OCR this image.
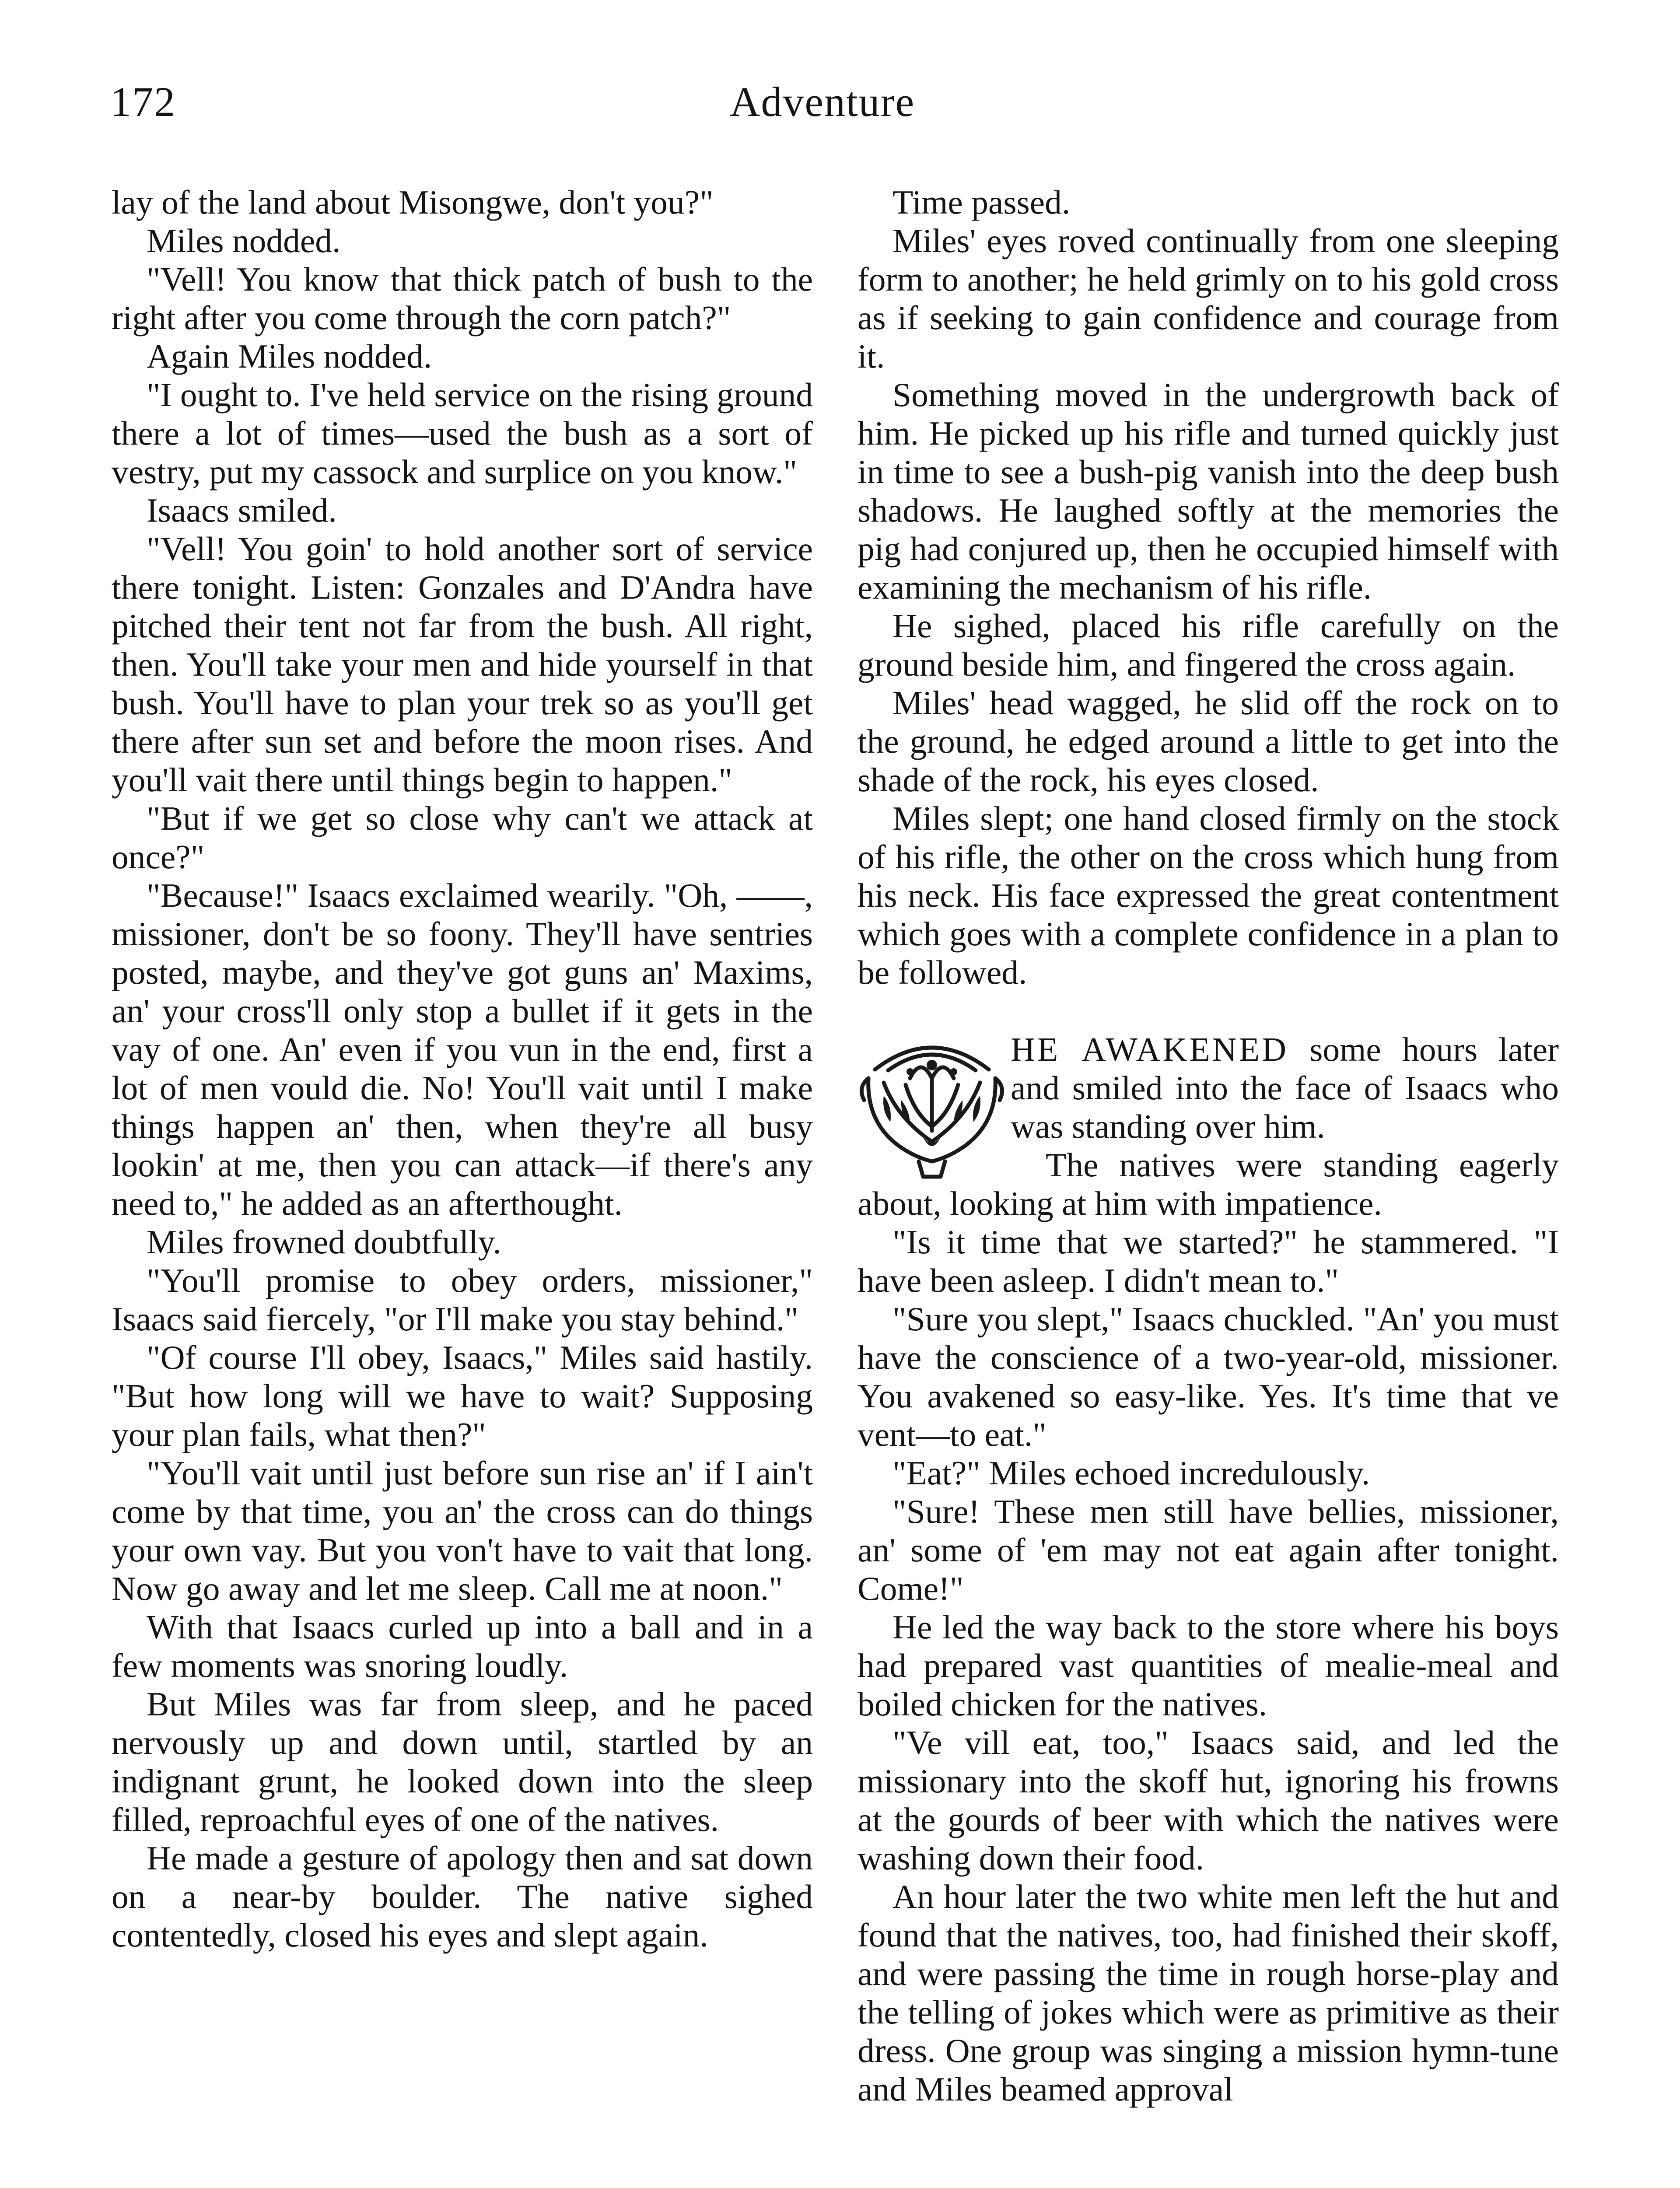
172	Adventure

lay of the land about Misongwe, don't you?"

Miles nodded.

"Vell! You know that thick patch of bush to the right after you come through the corn patch?"

Again Miles nodded.

"I ought to. I've held service on the rising ground there a lot of times—used the bush as a sort of vestry, put my cassock and surplice on you know."

Isaacs smiled.

"Vell! You goin' to hold another sort of service there tonight. Listen: Gonzales and D'Andra have pitched their tent not far from the bush. All right, then. You'll take your men and hide yourself in that bush. You'll have to plan your trek so as you'll get there after sun set and before the moon rises. And you'll vait there until things begin to happen."

"But if we get so close why can't we attack at once?"

"Because!" Isaacs exclaimed wearily. "Oh, ——, missioner, don't be so foony. They'll have sentries posted, maybe, and they've got guns an' Maxims, an' your cross'll only stop a bullet if it gets in the vay of one. An' even if you vun in the end, first a lot of men vould die. No! You'll vait until I make things happen an' then, when they're all busy lookin' at me, then you can attack—if there's any need to," he added as an afterthought.

Miles frowned doubtfully.

"You'll promise to obey orders, missioner," Isaacs said fiercely, "or I'll make you stay behind."

"Of course I'll obey, Isaacs," Miles said hastily. "But how long will we have to wait? Supposing your plan fails, what then?"

"You'll vait until just before sun rise an' if I ain't come by that time, you an' the cross can do things your own vay. But you von't have to vait that long. Now go away and let me sleep. Call me at noon."

With that Isaacs curled up into a ball and in a few moments was snoring loudly.

But Miles was far from sleep, and he paced nervously up and down until, startled by an indignant grunt, he looked down into the sleep filled, reproachful eyes of one of the natives.

He made a gesture of apology then and sat down on a near-by boulder. The native sighed contentedly, closed his eyes and slept again.

Time passed.

Miles' eyes roved continually from one sleeping form to another; he held grimly on to his gold cross as if seeking to gain confidence and courage from it.

Something moved in the undergrowth back of him. He picked up his rifle and turned quickly just in time to see a bush-pig vanish into the deep bush shadows. He laughed softly at the memories the pig had conjured up, then he occupied himself with examining the mechanism of his rifle.

He sighed, placed his rifle carefully on the ground beside him, and fingered the cross again.

Miles' head wagged, he slid off the rock on to the ground, he edged around a little to get into the shade of the rock, his eyes closed.

Miles slept; one hand closed firmly on the stock of his rifle, the other on the cross which hung from his neck. His face expressed the great contentment which goes with a complete confidence in a plan to be followed.

HE AWAKENED some hours later and smiled into the face of Isaacs who was standing over him.

The natives were standing eagerly about, looking at him with impatience.

"Is it time that we started?" he stammered. "I have been asleep. I didn't mean to."

"Sure you slept," Isaacs chuckled. "An' you must have the conscience of a two-year-old, missioner. You avakened so easy-like. Yes. It's time that ve vent—to eat."

"Eat?" Miles echoed incredulously.

"Sure! These men still have bellies, missioner, an' some of 'em may not eat again after tonight. Come!"

He led the way back to the store where his boys had prepared vast quantities of mealie-meal and boiled chicken for the natives.

"Ve vill eat, too," Isaacs said, and led the missionary into the skoff hut, ignoring his frowns at the gourds of beer with which the natives were washing down their food.

An hour later the two white men left the hut and found that the natives, too, had finished their skoff, and were passing the time in rough horse-play and the telling of jokes which were as primitive as their dress. One group was singing a mission hymn-tune and Miles beamed approval
